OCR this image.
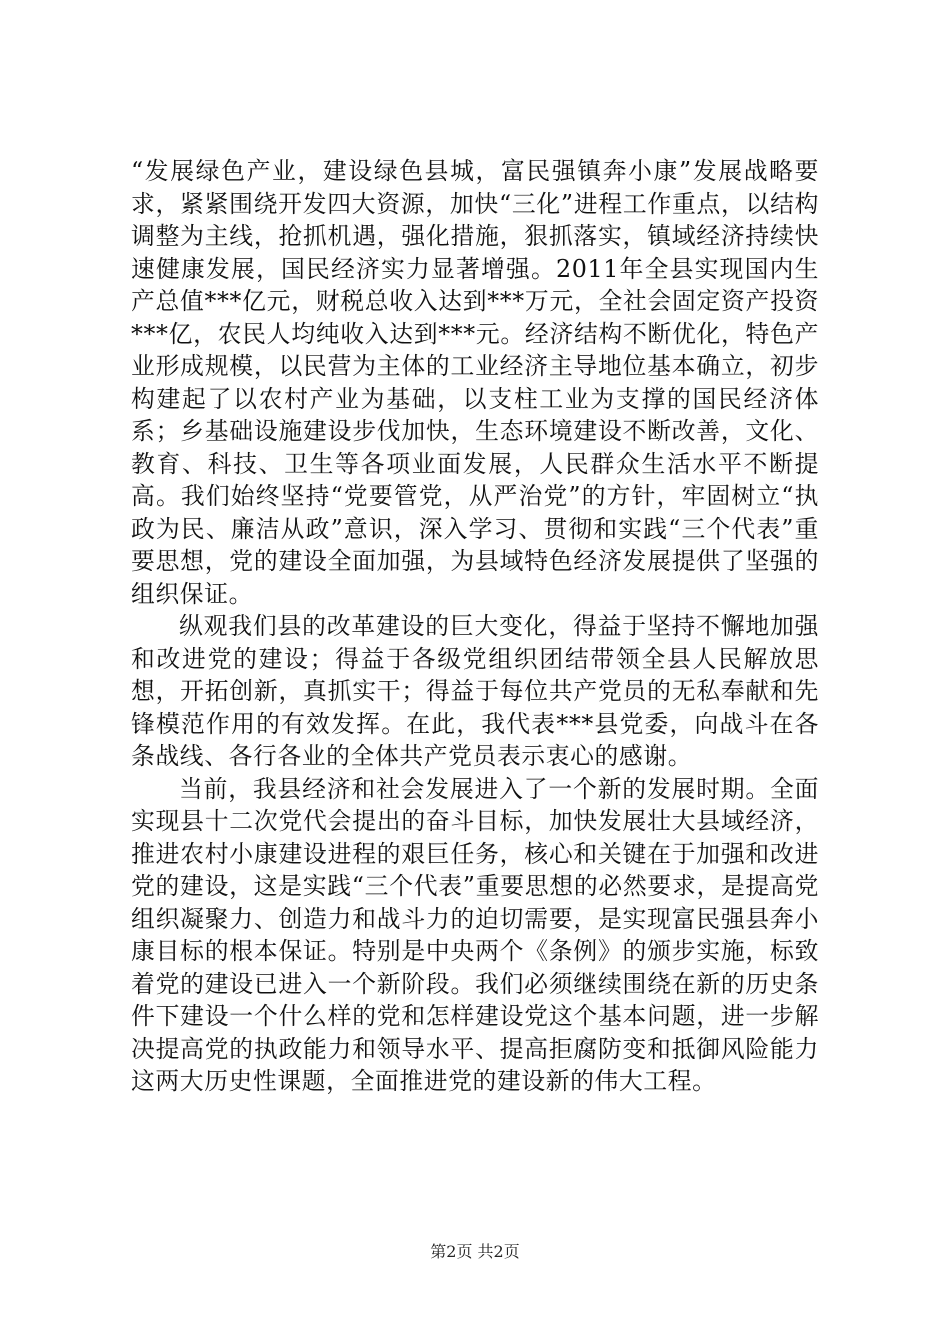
“发展绿色产业，建设绿色县城，富民强镇奔小康”发展战略要求，紧紧围绕开发四大资源，加快“三化”进程工作重点，以结构调整为主线，抢抓机遇，强化措施，狠抓落实，镇域经济持续快速健康发展，国民经济实力显著增强。2011年全县实现国内生产总值***亿元，财税总收入达到***万元，全社会固定资产投资***亿，农民人均纯收入达到***元。经济结构不断优化，特色产业形成规模，以民营为主体的工业经济主导地位基本确立，初步构建起了以农村产业为基础，以支柱工业为支撑的国民经济体系；乡基础设施建设步伐加快，生态环境建设不断改善，文化、教育、科技、卫生等各项业面发展，人民群众生活水平不断提高。我们始终坚持“党要管党，从严治党”的方针，牢固树立“执政为民、廉洁从政”意识，深入学习、贯彻和实践“三个代表”重要思想，党的建设全面加强，为县域特色经济发展提供了坚强的组织保证。

纵观我们县的改革建设的巨大变化，得益于坚持不懈地加强和改进党的建设；得益于各级党组织团结带领全县人民解放思想，开拓创新，真抓实干；得益于每位共产党员的无私奉献和先锋模范作用的有效发挥。在此，我代表***县党委，向战斗在各条战线、各行各业的全体共产党员表示衷心的感谢。

当前，我县经济和社会发展进入了一个新的发展时期。全面实现县十二次党代会提出的奋斗目标，加快发展壮大县域经济，推进农村小康建设进程的艰巨任务，核心和关键在于加强和改进党的建设，这是实践“三个代表”重要思想的必然要求，是提高党组织凝聚力、创造力和战斗力的迫切需要，是实现富民强县奔小康目标的根本保证。特别是中央两个《条例》的颁步实施，标致着党的建设已进入一个新阶段。我们必须继续围绕在新的历史条件下建设一个什么样的党和怎样建设党这个基本问题，进一步解决提高党的执政能力和领导水平、提高拒腐防变和抵御风险能力这两大历史性课题，全面推进党的建设新的伟大工程。

第2页 共2页
